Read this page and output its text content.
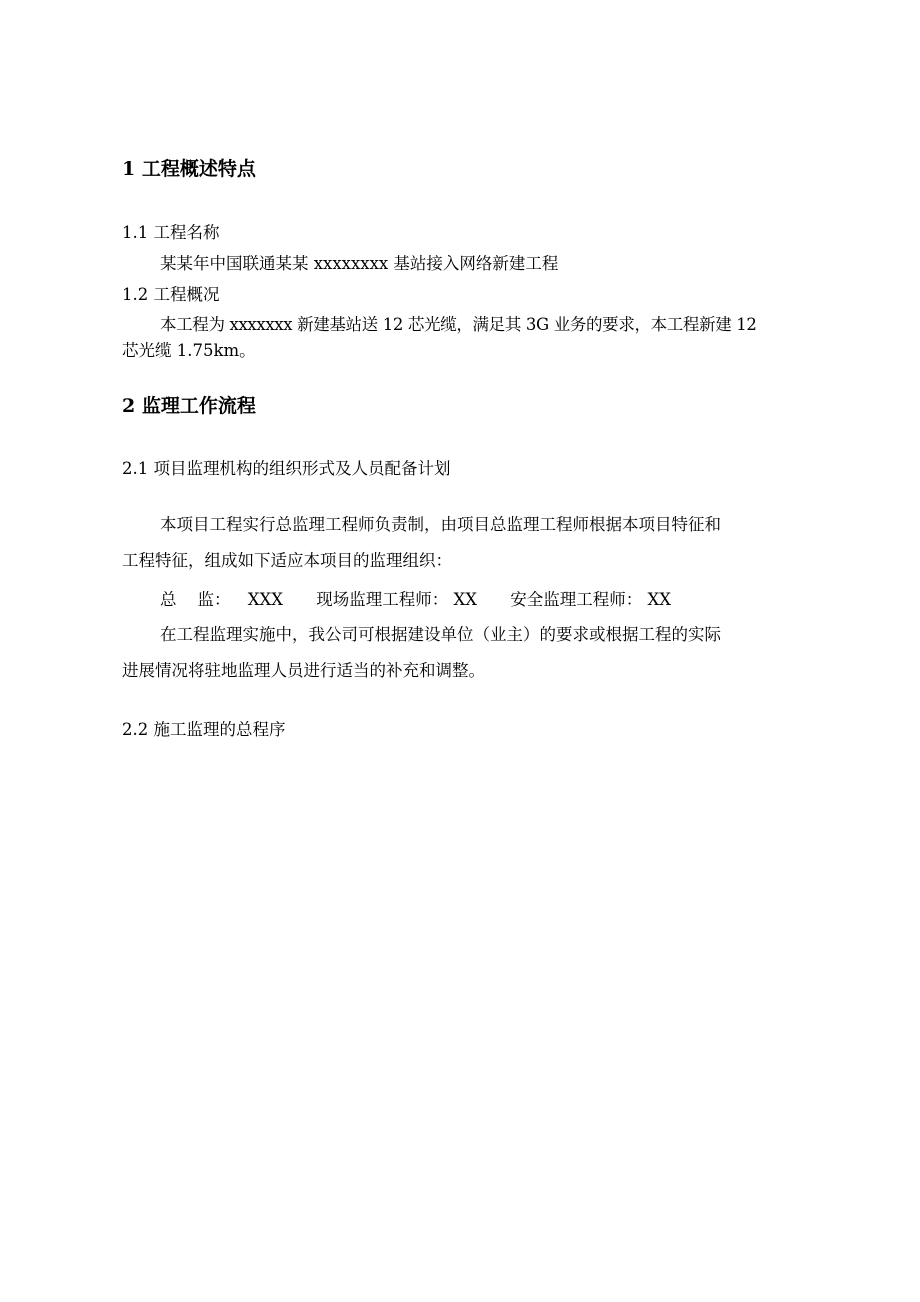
1 工程概述特点
1.1 工程名称
某某年中国联通某某 xxxxxxxx 基站接入网络新建工程
1.2 工程概况
本工程为 xxxxxxx 新建基站送 12 芯光缆，满足其 3G 业务的要求，本工程新建 12
芯光缆 1.75km。
2 监理工作流程
2.1 项目监理机构的组织形式及人员配备计划
本项目工程实行总监理工程师负责制，由项目总监理工程师根据本项目特征和
工程特征，组成如下适应本项目的监理组织：
总    监： XXX 现场监理工程师： XX 安全监理工程师： XX
在工程监理实施中，我公司可根据建设单位（业主）的要求或根据工程的实际
进展情况将驻地监理人员进行适当的补充和调整。
2.2 施工监理的总程序
